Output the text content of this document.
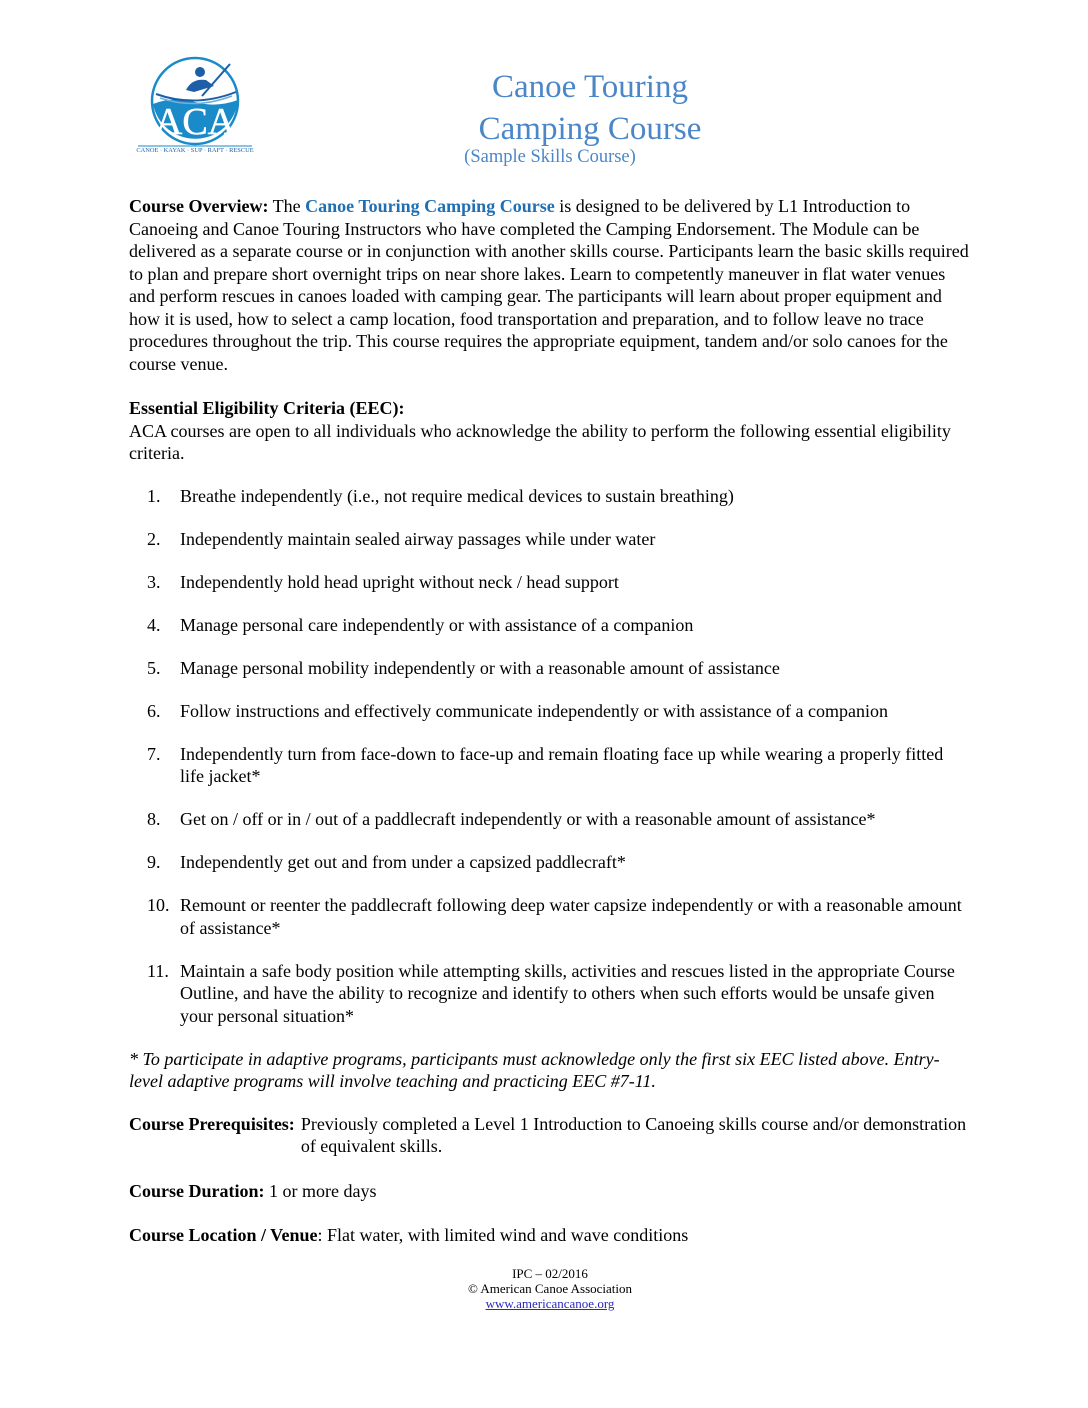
ACA
CANOE · KAYAK · SUP · RAFT · RESCUE
Canoe Touring
Camping Course
(Sample Skills Course)

Course Overview: The Canoe Touring Camping Course is designed to be delivered by L1 Introduction to Canoeing and Canoe Touring Instructors who have completed the Camping Endorsement. The Module can be delivered as a separate course or in conjunction with another skills course. Participants learn the basic skills required to plan and prepare short overnight trips on near shore lakes. Learn to competently maneuver in flat water venues and perform rescues in canoes loaded with camping gear. The participants will learn about proper equipment and how it is used, how to select a camp location, food transportation and preparation, and to follow leave no trace procedures throughout the trip. This course requires the appropriate equipment, tandem and/or solo canoes for the course venue.

Essential Eligibility Criteria (EEC):

ACA courses are open to all individuals who acknowledge the ability to perform the following essential eligibility criteria.

1.	Breathe independently (i.e., not require medical devices to sustain breathing)
2.	Independently maintain sealed airway passages while under water
3.	Independently hold head upright without neck / head support
4.	Manage personal care independently or with assistance of a companion
5.	Manage personal mobility independently or with a reasonable amount of assistance
6.	Follow instructions and effectively communicate independently or with assistance of a companion
7.	Independently turn from face-down to face-up and remain floating face up while wearing a properly fitted life jacket*
8.	Get on / off or in / out of a paddlecraft independently or with a reasonable amount of assistance*
9.	Independently get out and from under a capsized paddlecraft*
10. Remount or reenter the paddlecraft following deep water capsize independently or with a reasonable amount of assistance*
11. Maintain a safe body position while attempting skills, activities and rescues listed in the appropriate Course Outline, and have the ability to recognize and identify to others when such efforts would be unsafe given your personal situation*

* To participate in adaptive programs, participants must acknowledge only the first six EEC listed above. Entry-level adaptive programs will involve teaching and practicing EEC #7-11.

Course Prerequisites: Previously completed a Level 1 Introduction to Canoeing skills course and/or demonstration of equivalent skills.

Course Duration: 1 or more days

Course Location / Venue: Flat water, with limited wind and wave conditions

IPC – 02/2016
© American Canoe Association
www.americancanoe.org
